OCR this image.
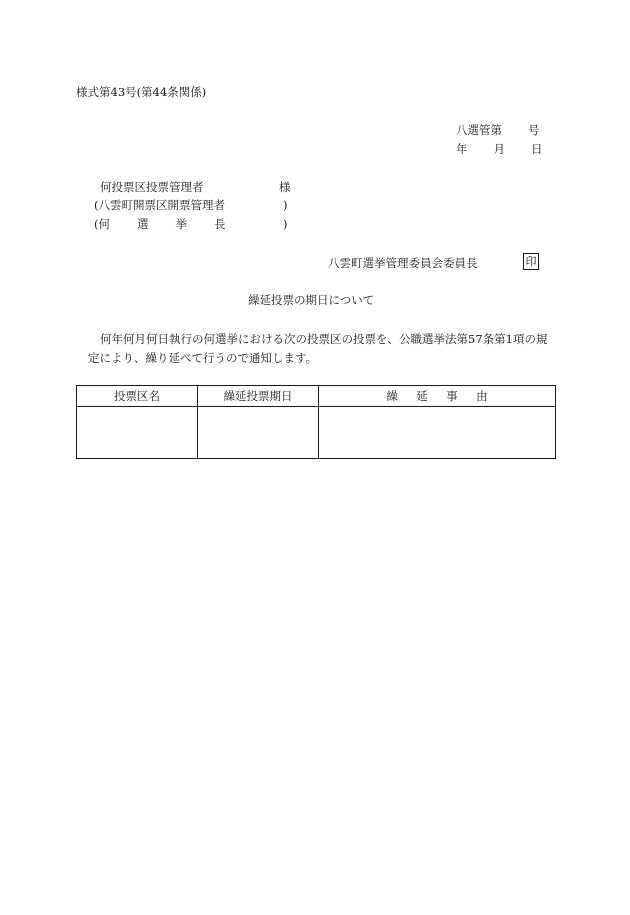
様式第43号(第44条関係)
八選管第 号
年 月 日
何投票区投票管理者	様
(八雲町開票区開票管理者	)
(何 選 挙 長	)
八雲町選挙管理委員会委員長	印
繰延投票の期日について
何年何月何日執行の何選挙における次の投票区の投票を、公職選挙法第57条第1項の規定により、繰り延べて行うので通知します。
投票区名	繰延投票期日	繰延事由
